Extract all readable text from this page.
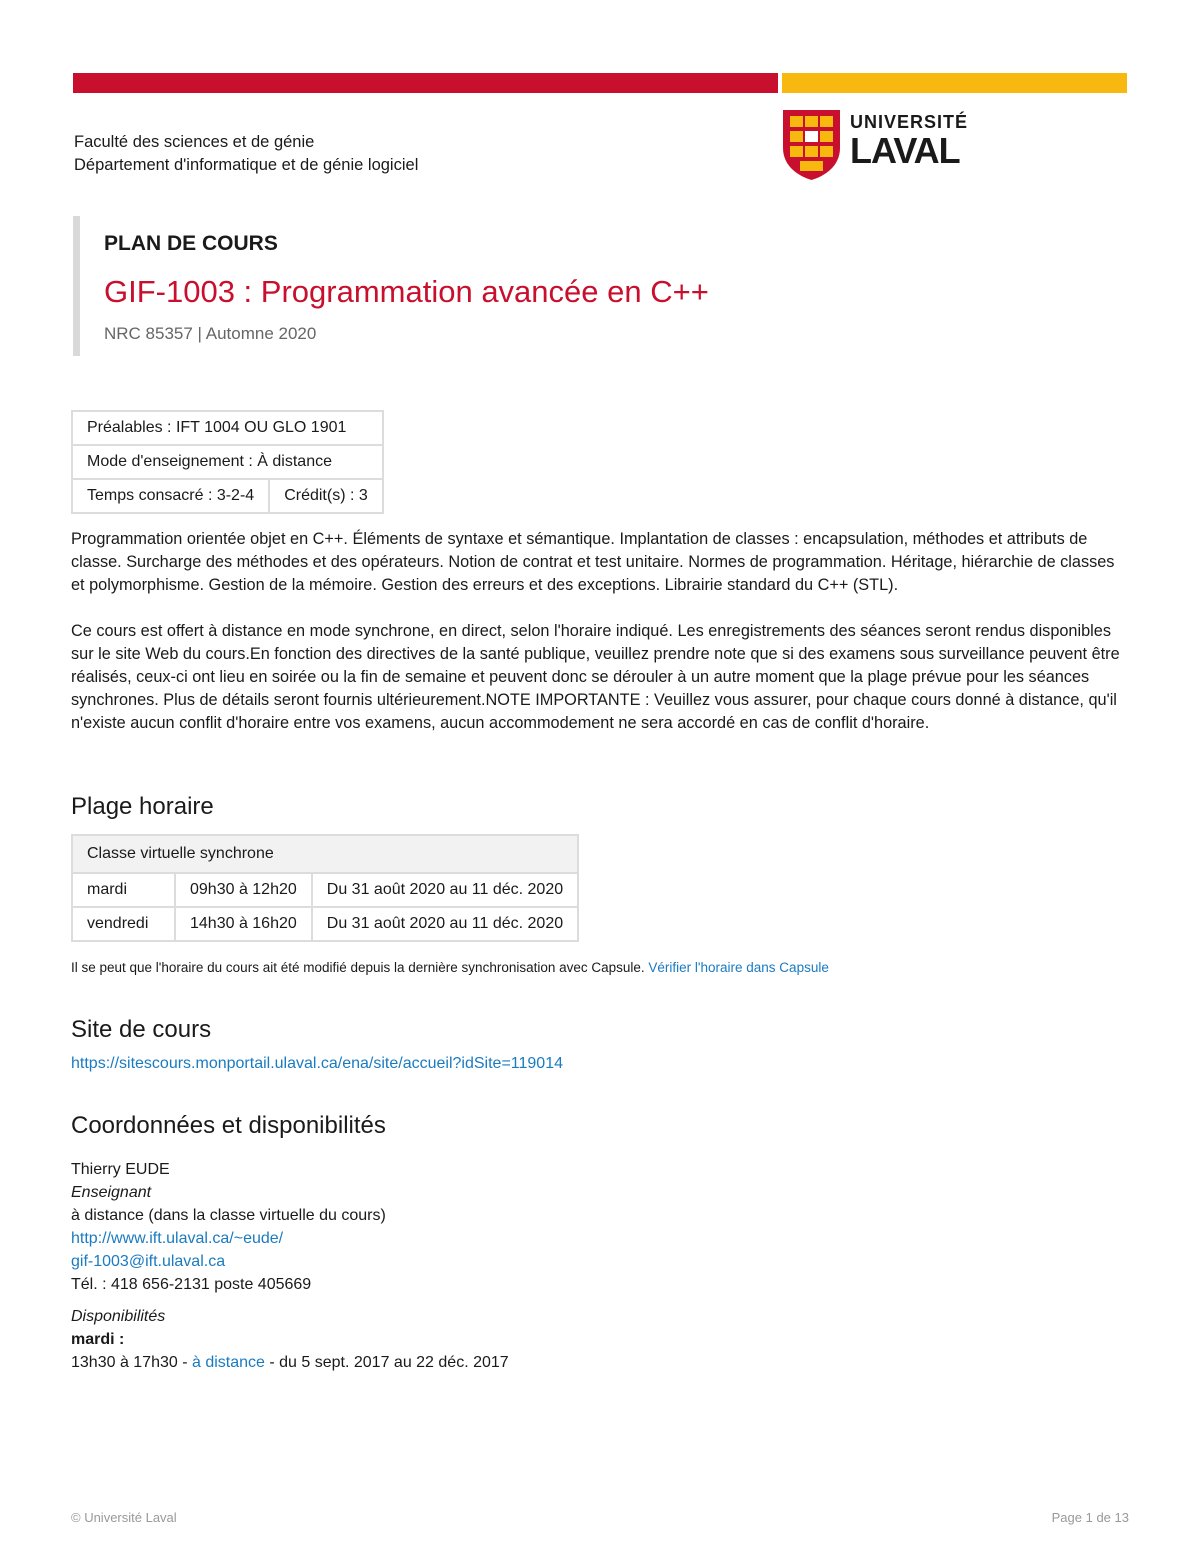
Faculté des sciences et de génie
Département d'informatique et de génie logiciel
UNIVERSITÉ
LAVAL
PLAN DE COURS
GIF-1003 : Programmation avancée en C++
NRC 85357 | Automne 2020
Préalables : IFT 1004 OU GLO 1901
Mode d'enseignement : À distance
Temps consacré : 3-2-4	Crédit(s) : 3
Programmation orientée objet en C++. Éléments de syntaxe et sémantique. Implantation de classes : encapsulation, méthodes et attributs de classe. Surcharge des méthodes et des opérateurs. Notion de contrat et test unitaire. Normes de programmation. Héritage, hiérarchie de classes et polymorphisme. Gestion de la mémoire. Gestion des erreurs et des exceptions. Librairie standard du C++ (STL).
Ce cours est offert à distance en mode synchrone, en direct, selon l'horaire indiqué. Les enregistrements des séances seront rendus disponibles sur le site Web du cours.En fonction des directives de la santé publique, veuillez prendre note que si des examens sous surveillance peuvent être réalisés, ceux-ci ont lieu en soirée ou la fin de semaine et peuvent donc se dérouler à un autre moment que la plage prévue pour les séances synchrones. Plus de détails seront fournis ultérieurement.NOTE IMPORTANTE : Veuillez vous assurer, pour chaque cours donné à distance, qu'il n'existe aucun conflit d'horaire entre vos examens, aucun accommodement ne sera accordé en cas de conflit d'horaire.
Plage horaire
Classe virtuelle synchrone		
mardi	09h30 à 12h20	Du 31 août 2020 au 11 déc. 2020
vendredi	14h30 à 16h20	Du 31 août 2020 au 11 déc. 2020
Il se peut que l'horaire du cours ait été modifié depuis la dernière synchronisation avec Capsule. Vérifier l'horaire dans Capsule
Site de cours
https://sitescours.monportail.ulaval.ca/ena/site/accueil?idSite=119014
Coordonnées et disponibilités
Thierry EUDE
Enseignant
à distance (dans la classe virtuelle du cours)
http://www.ift.ulaval.ca/~eude/
gif-1003@ift.ulaval.ca
Tél. : 418 656-2131 poste 405669
Disponibilités
mardi :
13h30 à 17h30 - à distance - du 5 sept. 2017 au 22 déc. 2017
© Université Laval	Page 1 de 13
